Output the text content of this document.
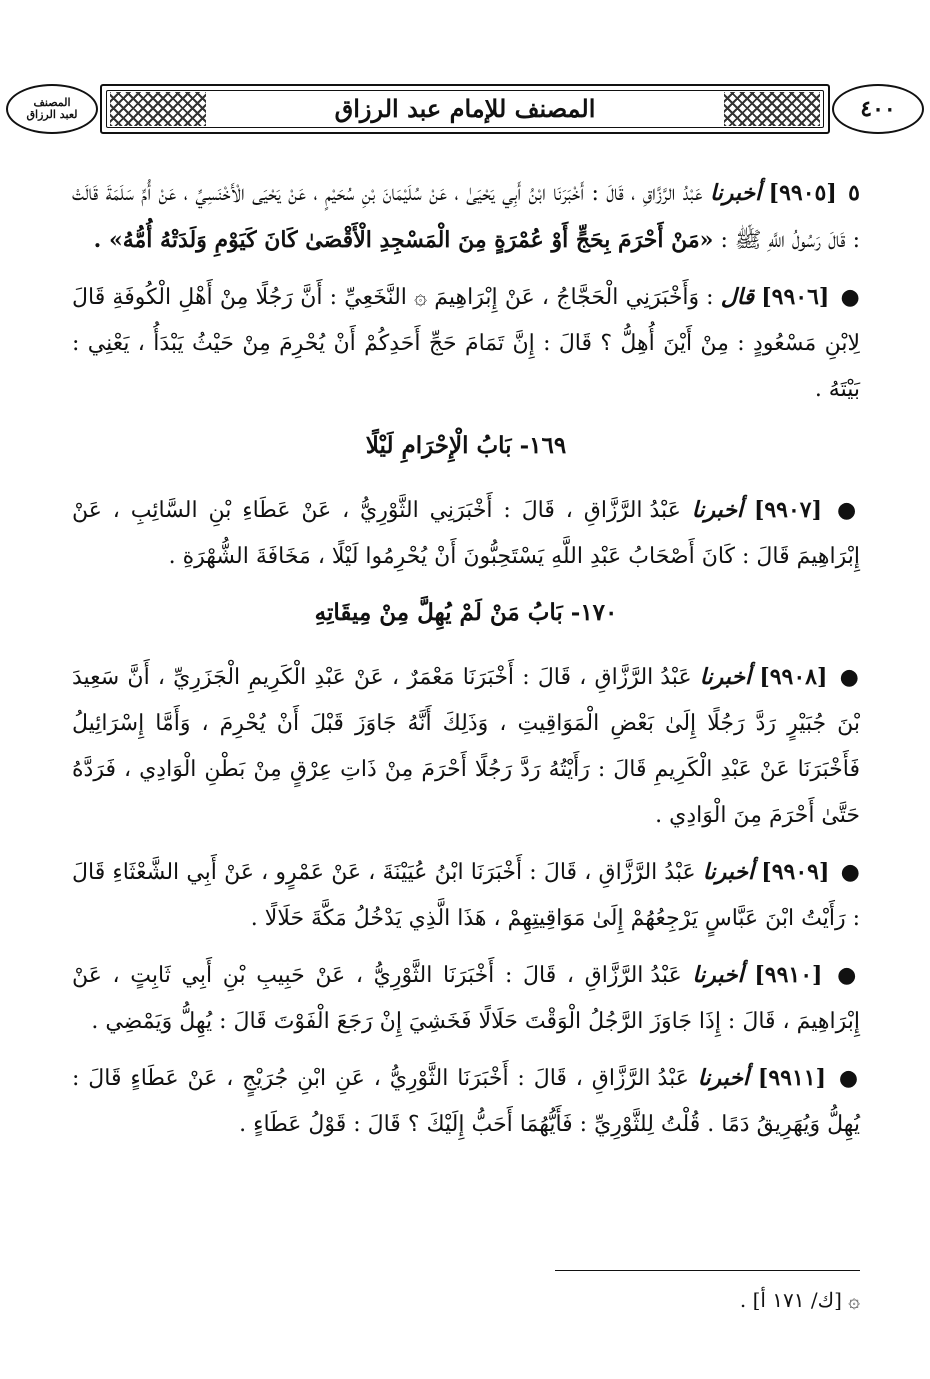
المصنف
لعبد الرزاق	المصنف للإمام عبد الرزاق	٤٠٠

٥ [٩٩٠٥] أخبرنا عَبْدُ الرَّزَّاقِ ، قَالَ : أَخْبَرَنَا ابْنُ أَبِي يَحْيَىٰ ، عَنْ سُلَيْمَانَ بْنِ سُحَيْمٍ ، عَنْ يَحْيَى الْأَخْنَسِيِّ ، عَنْ أُمِّ سَلَمَةَ قَالَتْ : قَالَ رَسُولُ اللَّهِ ﷺ : «مَنْ أَحْرَمَ بِحَجٍّ أَوْ عُمْرَةٍ مِنَ الْمَسْجِدِ الْأَقْصَىٰ كَانَ كَيَوْمِ وَلَدَتْهُ أُمُّهُ» .

● [٩٩٠٦] قال : وَأَخْبَرَنِي الْحَجَّاجُ ، عَنْ إِبْرَاهِيمَ ۞ النَّخَعِيِّ : أَنَّ رَجُلًا مِنْ أَهْلِ الْكُوفَةِ قَالَ لِابْنِ مَسْعُودٍ : مِنْ أَيْنَ أُهِلُّ ؟ قَالَ : إِنَّ تَمَامَ حَجِّ أَحَدِكُمْ أَنْ يُحْرِمَ مِنْ حَيْثُ يَبْدَأُ ، يَعْنِي : بَيْتَهُ .

١٦٩- بَابُ الْإِحْرَامِ لَيْلًا

● [٩٩٠٧] أخبرنا عَبْدُ الرَّزَّاقِ ، قَالَ : أَخْبَرَنِي الثَّوْرِيُّ ، عَنْ عَطَاءِ بْنِ السَّائِبِ ، عَنْ إِبْرَاهِيمَ قَالَ : كَانَ أَصْحَابُ عَبْدِ اللَّهِ يَسْتَحِبُّونَ أَنْ يُحْرِمُوا لَيْلًا ، مَخَافَةَ الشُّهْرَةِ .

١٧٠- بَابُ مَنْ لَمْ يُهِلَّ مِنْ مِيقَاتِهِ

● [٩٩٠٨] أخبرنا عَبْدُ الرَّزَّاقِ ، قَالَ : أَخْبَرَنَا مَعْمَرٌ ، عَنْ عَبْدِ الْكَرِيمِ الْجَزَرِيِّ ، أَنَّ سَعِيدَ بْنَ جُبَيْرٍ رَدَّ رَجُلًا إِلَىٰ بَعْضِ الْمَوَاقِيتِ ، وَذَلِكَ أَنَّهُ جَاوَزَ قَبْلَ أَنْ يُحْرِمَ ، وَأَمَّا إِسْرَائِيلُ فَأَخْبَرَنَا عَنْ عَبْدِ الْكَرِيمِ قَالَ : رَأَيْتُهُ رَدَّ رَجُلًا أَحْرَمَ مِنْ ذَاتِ عِرْقٍ مِنْ بَطْنِ الْوَادِي ، فَرَدَّهُ حَتَّىٰ أَحْرَمَ مِنَ الْوَادِي .

● [٩٩٠٩] أخبرنا عَبْدُ الرَّزَّاقِ ، قَالَ : أَخْبَرَنَا ابْنُ عُيَيْنَةَ ، عَنْ عَمْرٍو ، عَنْ أَبِي الشَّعْثَاءِ قَالَ : رَأَيْتُ ابْنَ عَبَّاسٍ يَرْجِعُهُمْ إِلَىٰ مَوَاقِيتِهِمْ ، هَذَا الَّذِي يَدْخُلُ مَكَّةَ حَلَالًا .

● [٩٩١٠] أخبرنا عَبْدُ الرَّزَّاقِ ، قَالَ : أَخْبَرَنَا الثَّوْرِيُّ ، عَنْ حَبِيبِ بْنِ أَبِي ثَابِتٍ ، عَنْ إِبْرَاهِيمَ ، قَالَ : إِذَا جَاوَزَ الرَّجُلُ الْوَقْتَ حَلَالًا فَخَشِيَ إِنْ رَجَعَ الْفَوْتَ قَالَ : يُهِلُّ وَيَمْضِي .

● [٩٩١١] أخبرنا عَبْدُ الرَّزَّاقِ ، قَالَ : أَخْبَرَنَا الثَّوْرِيُّ ، عَنِ ابْنِ جُرَيْجٍ ، عَنْ عَطَاءٍ قَالَ : يُهِلُّ وَيُهَرِيقُ دَمًا . قُلْتُ لِلثَّوْرِيِّ : فَأَيُّهُمَا أَحَبُّ إِلَيْكَ ؟ قَالَ : قَوْلُ عَطَاءٍ .

۞ [ك/ ١٧١ أ] .
